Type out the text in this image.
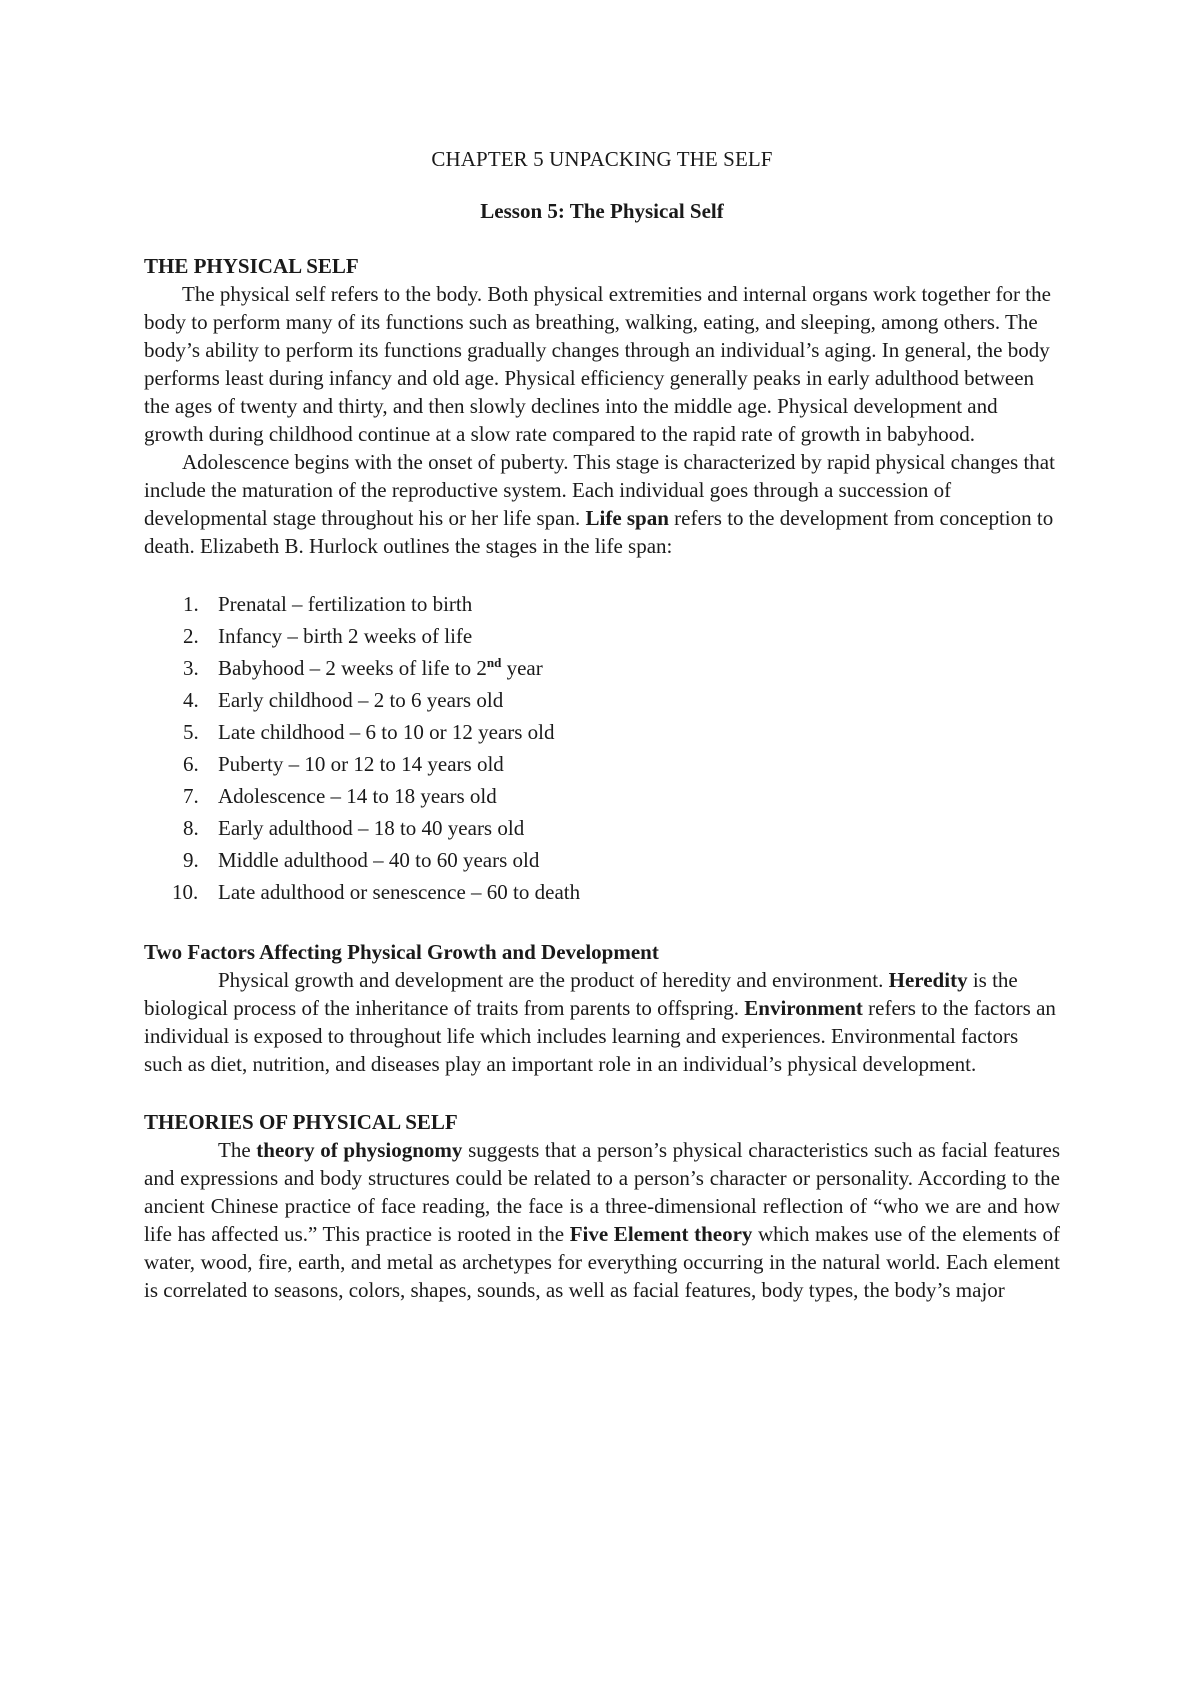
CHAPTER 5 UNPACKING THE SELF

Lesson 5: The Physical Self

THE PHYSICAL SELF

The physical self refers to the body. Both physical extremities and internal organs work together for the body to perform many of its functions such as breathing, walking, eating, and sleeping, among others. The body’s ability to perform its functions gradually changes through an individual’s aging. In general, the body performs least during infancy and old age. Physical efficiency generally peaks in early adulthood between the ages of twenty and thirty, and then slowly declines into the middle age. Physical development and growth during childhood continue at a slow rate compared to the rapid rate of growth in babyhood.

Adolescence begins with the onset of puberty. This stage is characterized by rapid physical changes that include the maturation of the reproductive system. Each individual goes through a succession of developmental stage throughout his or her life span. Life span refers to the development from conception to death. Elizabeth B. Hurlock outlines the stages in the life span:

1. Prenatal – fertilization to birth
2. Infancy – birth 2 weeks of life
3. Babyhood – 2 weeks of life to 2nd year
4. Early childhood – 2 to 6 years old
5. Late childhood – 6 to 10 or 12 years old
6. Puberty – 10 or 12 to 14 years old
7. Adolescence – 14 to 18 years old
8. Early adulthood – 18 to 40 years old
9. Middle adulthood – 40 to 60 years old
10. Late adulthood or senescence – 60 to death

Two Factors Affecting Physical Growth and Development

Physical growth and development are the product of heredity and environment. Heredity is the biological process of the inheritance of traits from parents to offspring. Environment refers to the factors an individual is exposed to throughout life which includes learning and experiences. Environmental factors such as diet, nutrition, and diseases play an important role in an individual’s physical development.

THEORIES OF PHYSICAL SELF

The theory of physiognomy suggests that a person’s physical characteristics such as facial features and expressions and body structures could be related to a person’s character or personality. According to the ancient Chinese practice of face reading, the face is a three-dimensional reflection of “who we are and how life has affected us.” This practice is rooted in the Five Element theory which makes use of the elements of water, wood, fire, earth, and metal as archetypes for everything occurring in the natural world. Each element is correlated to seasons, colors, shapes, sounds, as well as facial features, body types, the body’s major
